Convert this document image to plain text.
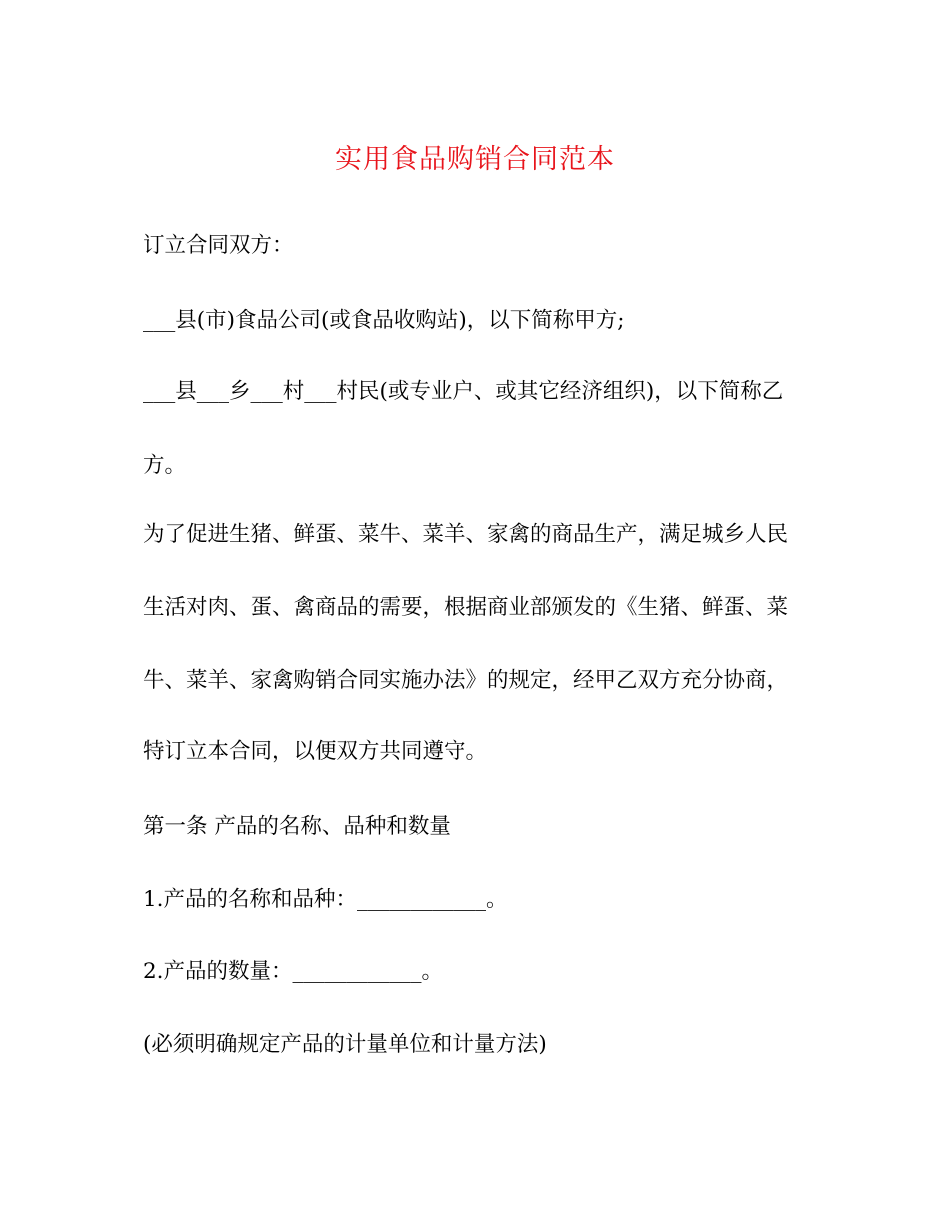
实用食品购销合同范本

订立合同双方：

___县(市)食品公司(或食品收购站)，以下简称甲方;

___县___乡___村___村民(或专业户、或其它经济组织)，以下简称乙

方。

为了促进生猪、鲜蛋、菜牛、菜羊、家禽的商品生产，满足城乡人民

生活对肉、蛋、禽商品的需要，根据商业部颁发的《生猪、鲜蛋、菜

牛、菜羊、家禽购销合同实施办法》的规定，经甲乙双方充分协商，

特订立本合同，以便双方共同遵守。

第一条 产品的名称、品种和数量

1.产品的名称和品种：____________。

2.产品的数量：____________。

(必须明确规定产品的计量单位和计量方法)
